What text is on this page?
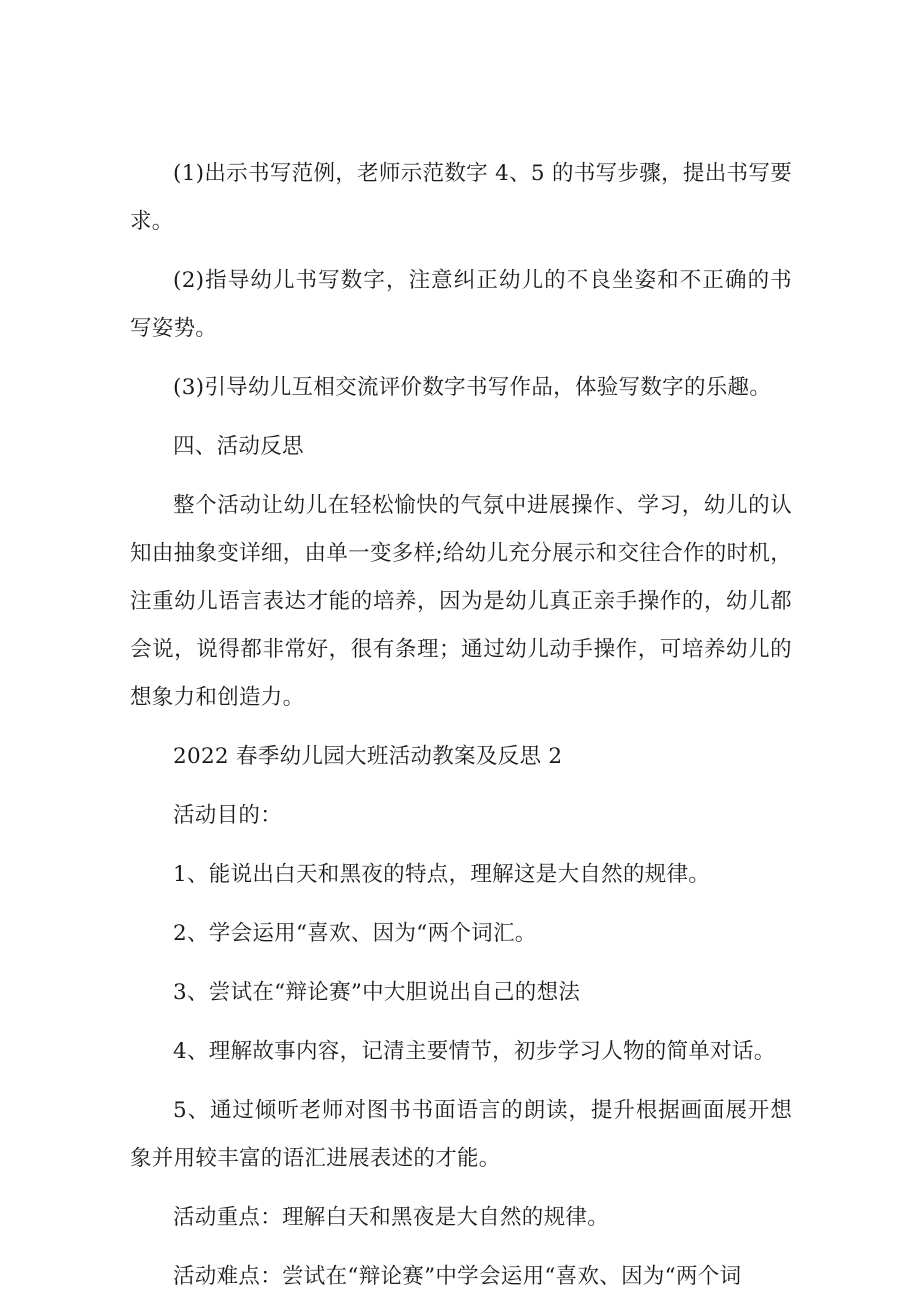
(1)出示书写范例，老师示范数字 4、5 的书写步骤，提出书写要求。

(2)指导幼儿书写数字，注意纠正幼儿的不良坐姿和不正确的书写姿势。

(3)引导幼儿互相交流评价数字书写作品，体验写数字的乐趣。

四、活动反思

整个活动让幼儿在轻松愉快的气氛中进展操作、学习，幼儿的认知由抽象变详细，由单一变多样;给幼儿充分展示和交往合作的时机，注重幼儿语言表达才能的培养，因为是幼儿真正亲手操作的，幼儿都会说，说得都非常好，很有条理；通过幼儿动手操作，可培养幼儿的想象力和创造力。

2022 春季幼儿园大班活动教案及反思 2

活动目的：

1、能说出白天和黑夜的特点，理解这是大自然的规律。

2、学会运用“喜欢、因为“两个词汇。

3、尝试在“辩论赛”中大胆说出自己的想法

4、理解故事内容，记清主要情节，初步学习人物的简单对话。

5、通过倾听老师对图书书面语言的朗读，提升根据画面展开想象并用较丰富的语汇进展表述的才能。

活动重点：理解白天和黑夜是大自然的规律。

活动难点：尝试在“辩论赛”中学会运用“喜欢、因为“两个词
